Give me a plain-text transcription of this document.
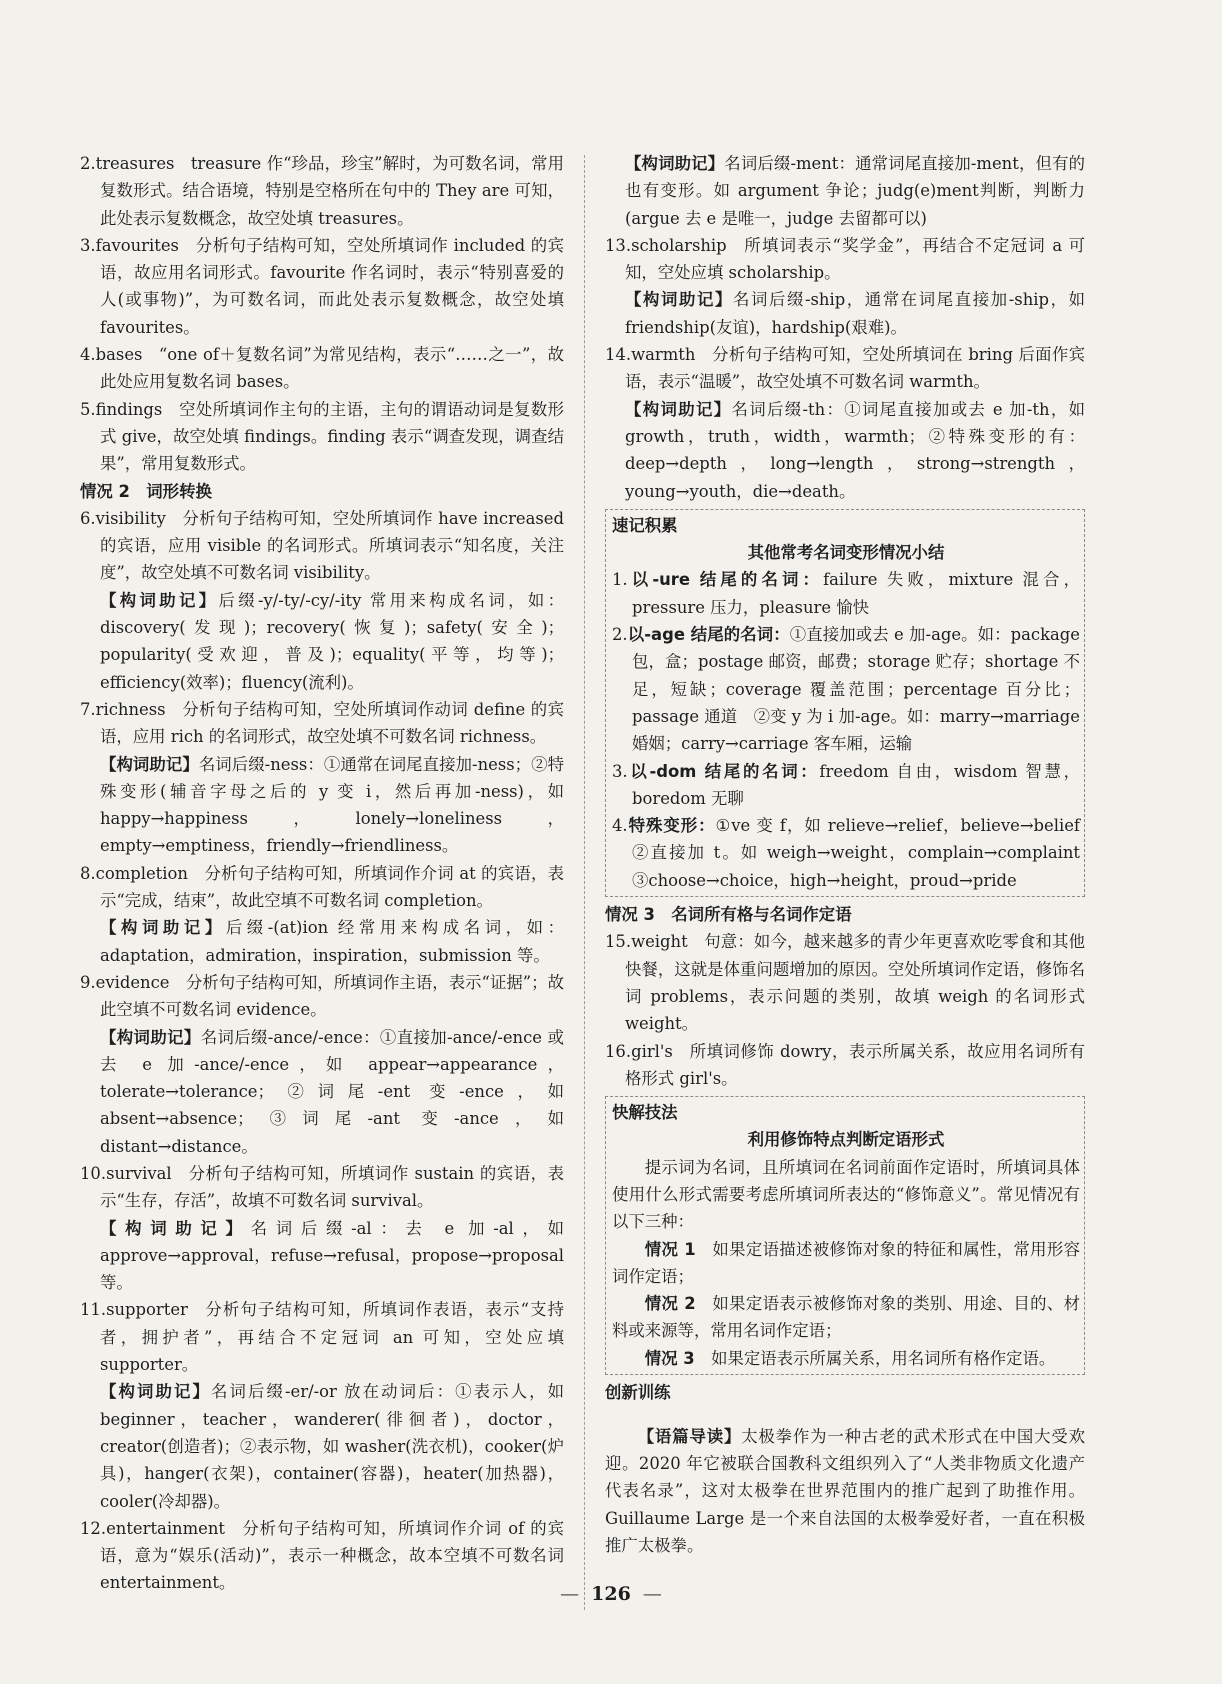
2.treasures  treasure 作“珍品，珍宝”解时，为可数名词，常用复数形式。结合语境，特别是空格所在句中的 They are 可知，此处表示复数概念，故空处填 treasures。

3.favourites  分析句子结构可知，空处所填词作 included 的宾语，故应用名词形式。favourite 作名词时，表示“特别喜爱的人(或事物)”，为可数名词，而此处表示复数概念，故空处填 favourites。

4.bases  “one of＋复数名词”为常见结构，表示“……之一”，故此处应用复数名词 bases。

5.findings  空处所填词作主句的主语，主句的谓语动词是复数形式 give，故空处填 findings。finding 表示“调查发现，调查结果”，常用复数形式。

情况 2　词形转换

6.visibility  分析句子结构可知，空处所填词作 have increased 的宾语，应用 visible 的名词形式。所填词表示“知名度，关注度”，故空处填不可数名词 visibility。

【构词助记】后缀-y/-ty/-cy/-ity 常用来构成名词，如：discovery(发现)；recovery(恢复)；safety(安全)；popularity(受欢迎，普及)；equality(平等，均等)；efficiency(效率)；fluency(流利)。

7.richness  分析句子结构可知，空处所填词作动词 define 的宾语，应用 rich 的名词形式，故空处填不可数名词 richness。

【构词助记】名词后缀-ness：①通常在词尾直接加-ness；②特殊变形(辅音字母之后的 y 变 i，然后再加-ness)，如 happy→happiness，lonely→loneliness，empty→emptiness，friendly→friendliness。

8.completion  分析句子结构可知，所填词作介词 at 的宾语，表示“完成，结束”，故此空填不可数名词 completion。

【构词助记】后缀-(at)ion 经常用来构成名词，如：adaptation，admiration，inspiration，submission 等。

9.evidence  分析句子结构可知，所填词作主语，表示“证据”；故此空填不可数名词 evidence。

【构词助记】名词后缀-ance/-ence：①直接加-ance/-ence 或去 e 加-ance/-ence，如 appear→appearance，tolerate→tolerance；②词尾-ent 变-ence，如 absent→absence；③词尾-ant 变-ance，如 distant→distance。

10.survival  分析句子结构可知，所填词作 sustain 的宾语，表示“生存，存活”，故填不可数名词 survival。

【构词助记】名词后缀-al：去 e 加-al，如 approve→approval，refuse→refusal，propose→proposal 等。

11.supporter  分析句子结构可知，所填词作表语，表示“支持者，拥护者”，再结合不定冠词 an 可知，空处应填 supporter。

【构词助记】名词后缀-er/-or 放在动词后：①表示人，如 beginner，teacher，wanderer(徘徊者)，doctor，creator(创造者)；②表示物，如 washer(洗衣机)，cooker(炉具)，hanger(衣架)，container(容器)，heater(加热器)，cooler(冷却器)。

12.entertainment  分析句子结构可知，所填词作介词 of 的宾语，意为“娱乐(活动)”，表示一种概念，故本空填不可数名词 entertainment。

【构词助记】名词后缀-ment：通常词尾直接加-ment，但有的也有变形。如 argument 争论；judg(e)ment判断，判断力(argue 去 e 是唯一，judge 去留都可以)

13.scholarship  所填词表示“奖学金”，再结合不定冠词 a 可知，空处应填 scholarship。

【构词助记】名词后缀-ship，通常在词尾直接加-ship，如 friendship(友谊)，hardship(艰难)。

14.warmth  分析句子结构可知，空处所填词在 bring 后面作宾语，表示“温暖”，故空处填不可数名词 warmth。

【构词助记】名词后缀-th：①词尾直接加或去 e 加-th，如 growth，truth，width，warmth；②特殊变形的有：deep→depth，long→length，strong→strength，young→youth，die→death。

速记积累

其他常考名词变形情况小结

1.以-ure 结尾的名词：failure 失败，mixture 混合，pressure 压力，pleasure 愉快

2.以-age 结尾的名词：①直接加或去 e 加-age。如：package 包，盒；postage 邮资，邮费；storage 贮存；shortage 不足，短缺；coverage 覆盖范围；percentage 百分比；passage 通道　②变 y 为 i 加-age。如：marry→marriage 婚姻；carry→carriage 客车厢，运输

3.以-dom 结尾的名词：freedom 自由，wisdom 智慧，boredom 无聊

4.特殊变形：①ve 变 f，如 relieve→relief，believe→belief　②直接加 t。如 weigh→weight，complain→complaint　③choose→choice，high→height，proud→pride

情况 3　名词所有格与名词作定语

15.weight  句意：如今，越来越多的青少年更喜欢吃零食和其他快餐，这就是体重问题增加的原因。空处所填词作定语，修饰名词 problems，表示问题的类别，故填 weigh 的名词形式 weight。

16.girl's  所填词修饰 dowry，表示所属关系，故应用名词所有格形式 girl's。

快解技法

利用修饰特点判断定语形式

提示词为名词，且所填词在名词前面作定语时，所填词具体使用什么形式需要考虑所填词所表达的“修饰意义”。常见情况有以下三种：

情况 1  如果定语描述被修饰对象的特征和属性，常用形容词作定语；

情况 2  如果定语表示被修饰对象的类别、用途、目的、材料或来源等，常用名词作定语；

情况 3  如果定语表示所属关系，用名词所有格作定语。

创新训练

【语篇导读】太极拳作为一种古老的武术形式在中国大受欢迎。2020 年它被联合国教科文组织列入了“人类非物质文化遗产代表名录”，这对太极拳在世界范围内的推广起到了助推作用。Guillaume Large 是一个来自法国的太极拳爱好者，一直在积极推广太极拳。

— 126 —
